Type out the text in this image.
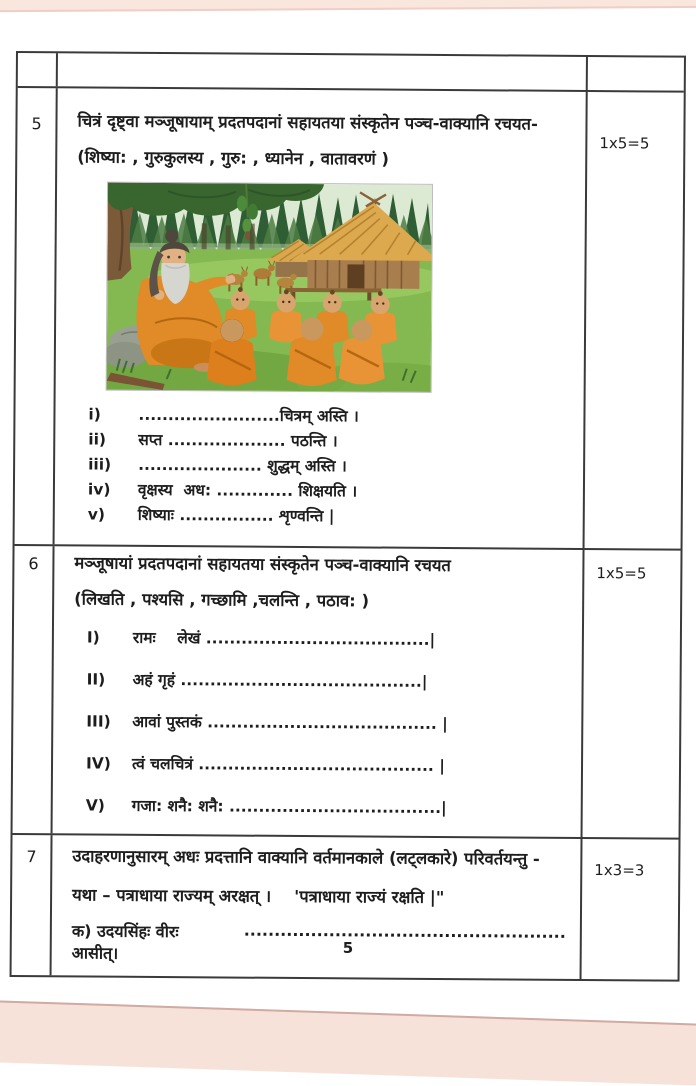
5	चित्रं दृष्ट्वा मञ्जूषायाम् प्रदतपदानां सहायतया संस्कृतेन पञ्च-वाक्यानि रचयत-
(शिष्या: , गुरुकुलस्य , गुरु: , ध्यानेन , वातावरणं )
i)	........................चित्रम् अस्ति ।
ii)	सप्त .................... पठन्ति ।
iii)	..................... शुद्धम् अस्ति ।
iv)	वृक्षस्य  अध: ............. शिक्षयति ।
v)	शिष्याः ................ शृण्वन्ति |
1x5=5
6	मञ्जूषायां प्रदतपदानां सहायतया संस्कृतेन पञ्च-वाक्यानि रचयत
(लिखति , पश्यसि , गच्छामि ,चलन्ति , पठाव: )
I)	रामः    लेखं ......................................|
II)	अहं गृहं .........................................|
III)	आवां पुस्तकं ....................................... |
IV)	त्वं चलचित्रं ........................................ |
V)	गजा: शनै: शनै: ....................................|
1x5=5
7	उदाहरणानुसारम् अधः प्रदत्तानि वाक्यानि वर्तमानकाले (लट्लकारे) परिवर्तयन्तु -
यथा – पत्राधाया राज्यम् अरक्षत् ।    'पत्राधाया राज्यं रक्षति |"
क) उदयसिंहः वीरः आसीत्।
.....................................................
1x3=3
5
